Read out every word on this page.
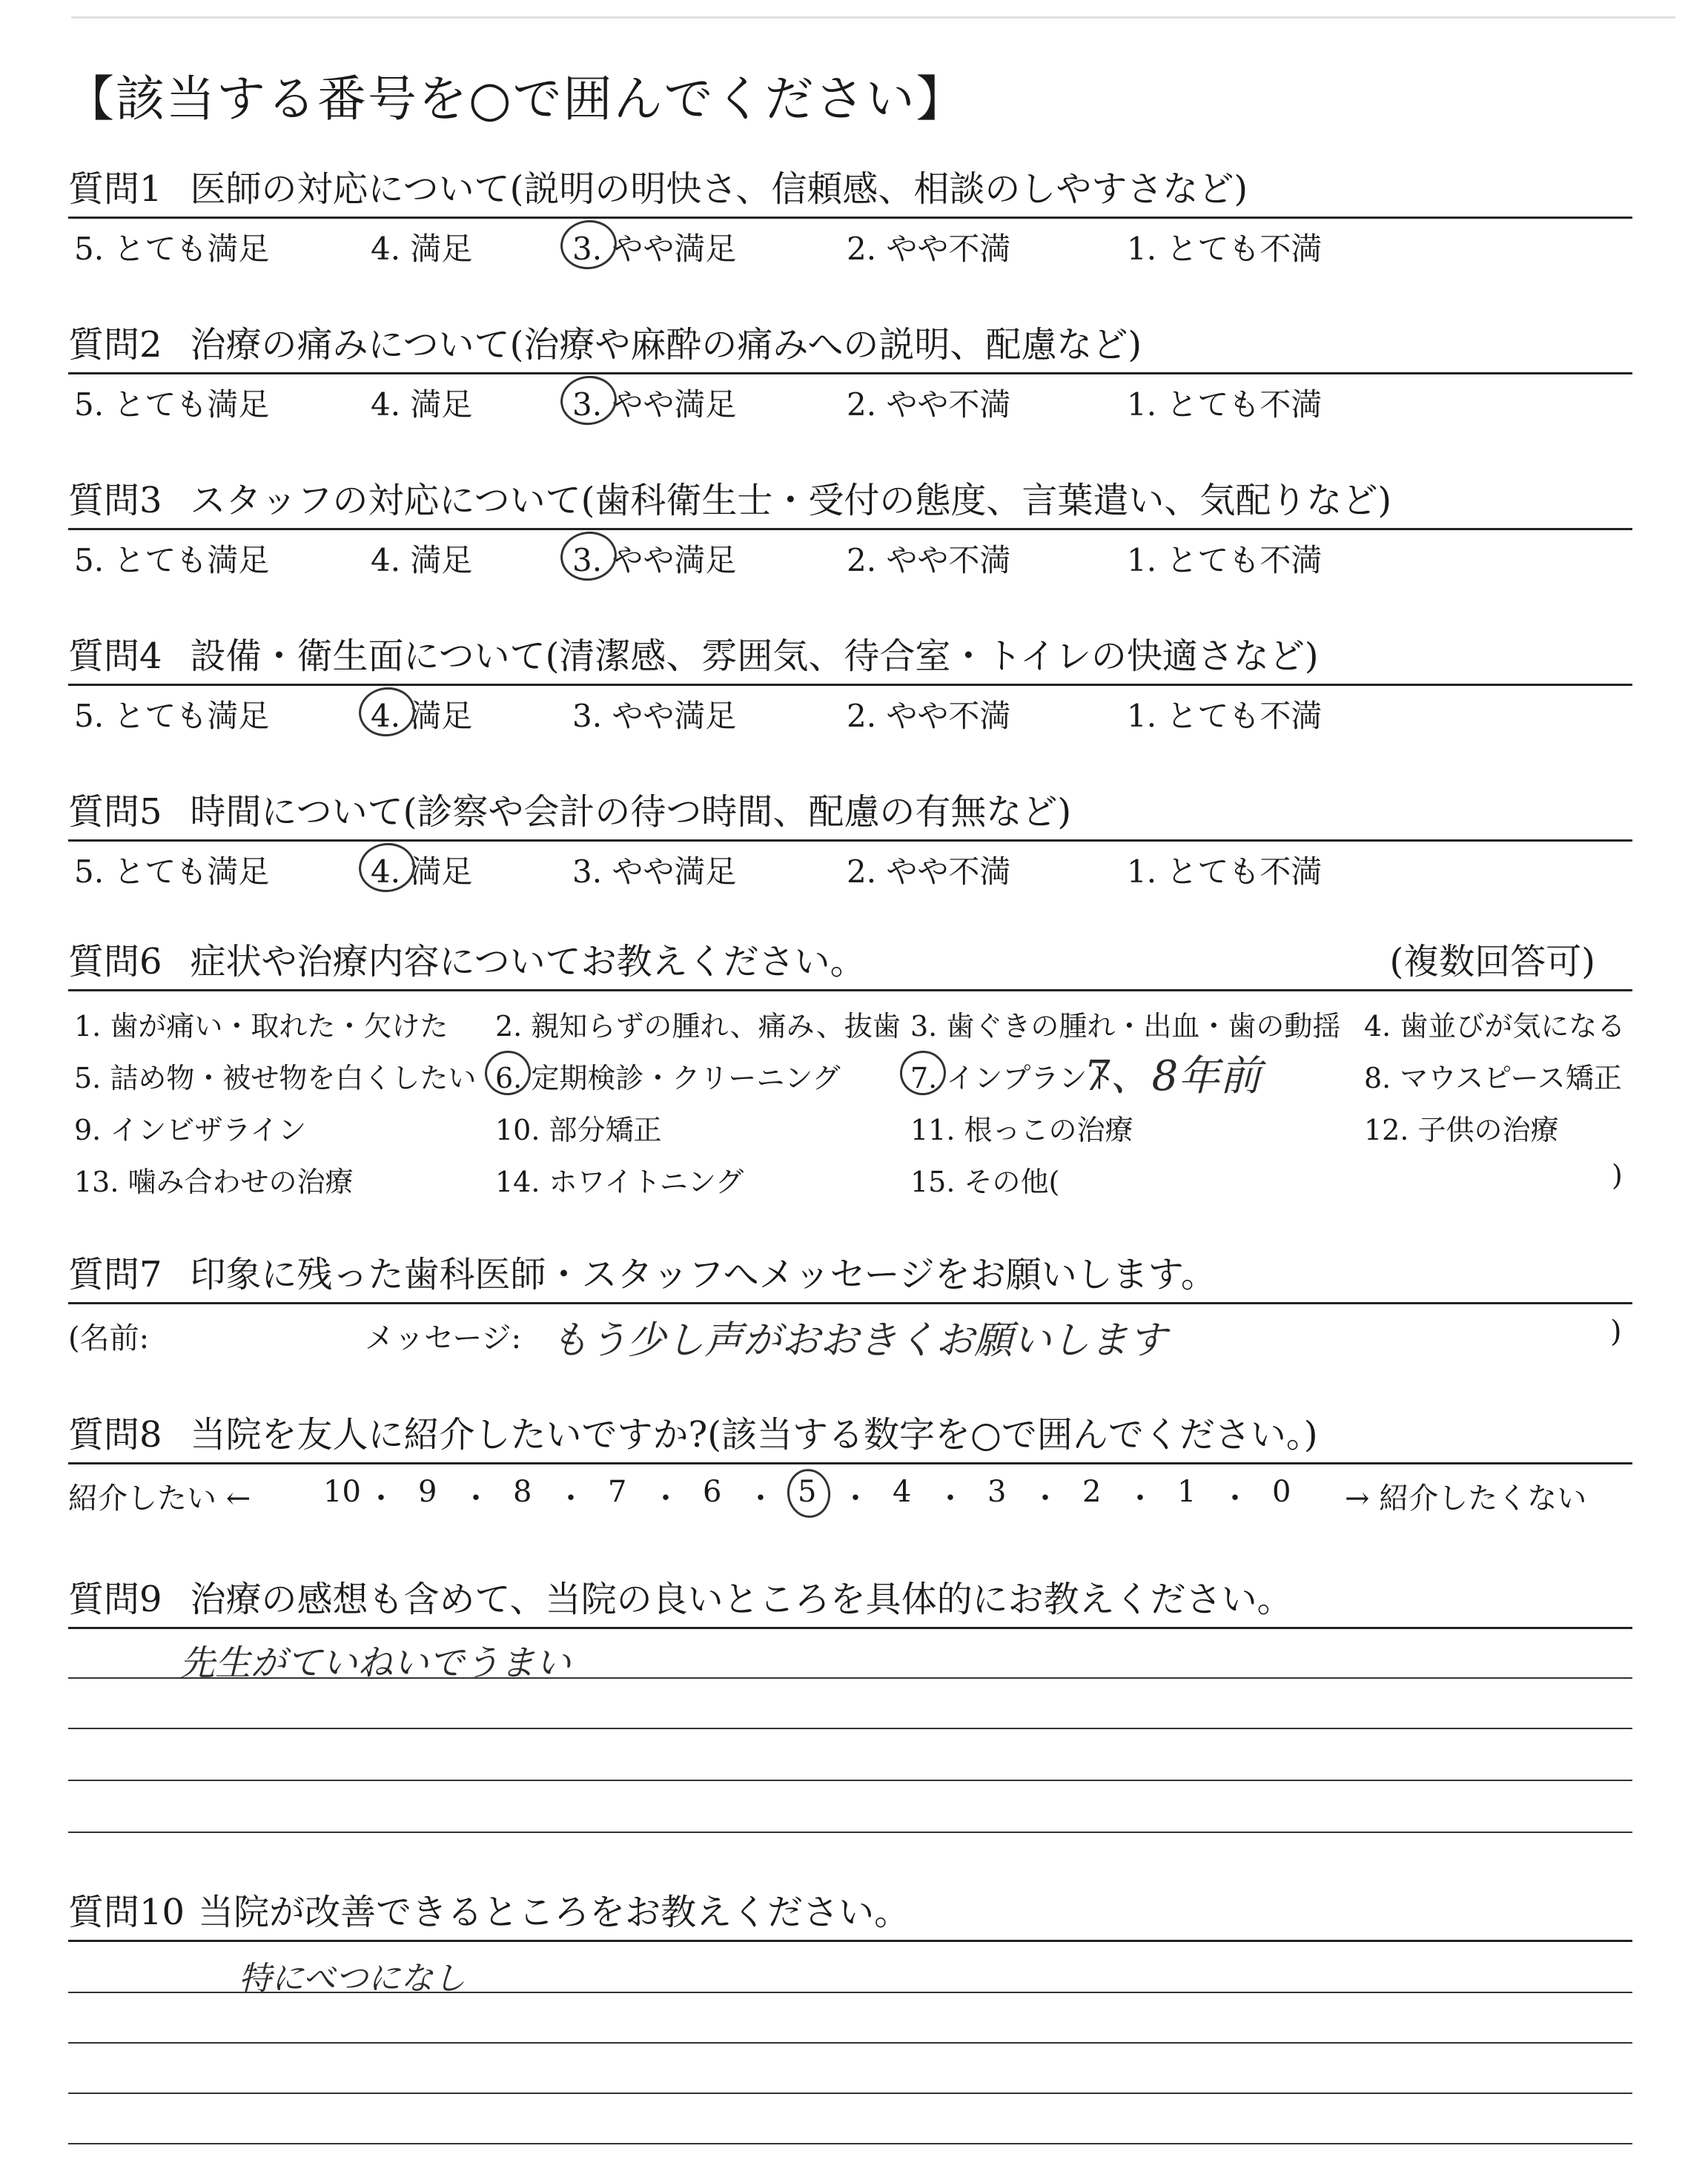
【該当する番号を○で囲んでください】
質問1 医師の対応について(説明の明快さ、信頼感、相談のしやすさなど)
5. とても満足	4. 満足	3. やや満足	2. やや不満	1. とても不満
質問2 治療の痛みについて(治療や麻酔の痛みへの説明、配慮など)
5. とても満足	4. 満足	3. やや満足	2. やや不満	1. とても不満
質問3 スタッフの対応について(歯科衛生士・受付の態度、言葉遣い、気配りなど)
5. とても満足	4. 満足	3. やや満足	2. やや不満	1. とても不満
質問4 設備・衛生面について(清潔感、雰囲気、待合室・トイレの快適さなど)
5. とても満足	4. 満足	3. やや満足	2. やや不満	1. とても不満
質問5 時間について(診察や会計の待つ時間、配慮の有無など)
5. とても満足	4. 満足	3. やや満足	2. やや不満	1. とても不満
質問6 症状や治療内容についてお教えください。	(複数回答可)
1. 歯が痛い・取れた・欠けた 2. 親知らずの腫れ、痛み、抜歯 3. 歯ぐきの腫れ・出血・歯の動揺 4. 歯並びが気になる
5. 詰め物・被せ物を白くしたい 6. 定期検診・クリーニング 7. インプラント	8. マウスピース矯正
9. インビザライン	10. 部分矯正	11. 根っこの治療	12. 子供の治療
13. 噛み合わせの治療	14. ホワイトニング	15. その他(	)
7、8年前
質問7 印象に残った歯科医師・スタッフへメッセージをお願いします。
(名前:	メッセージ: もう少し声がおおきくお願いします	)
質問8 当院を友人に紹介したいですか?(該当する数字を○で囲んでください。)
紹介したい ←	→ 紹介したくない
10 ・ 9 ・ 8 ・ 7 ・ 6 ・ 5 ・ 4 ・ 3 ・ 2 ・ 1 ・ 0
質問9 治療の感想も含めて、当院の良いところを具体的にお教えください。
先生がていねいでうまい
質問10 当院が改善できるところをお教えください。
特にべつになし
